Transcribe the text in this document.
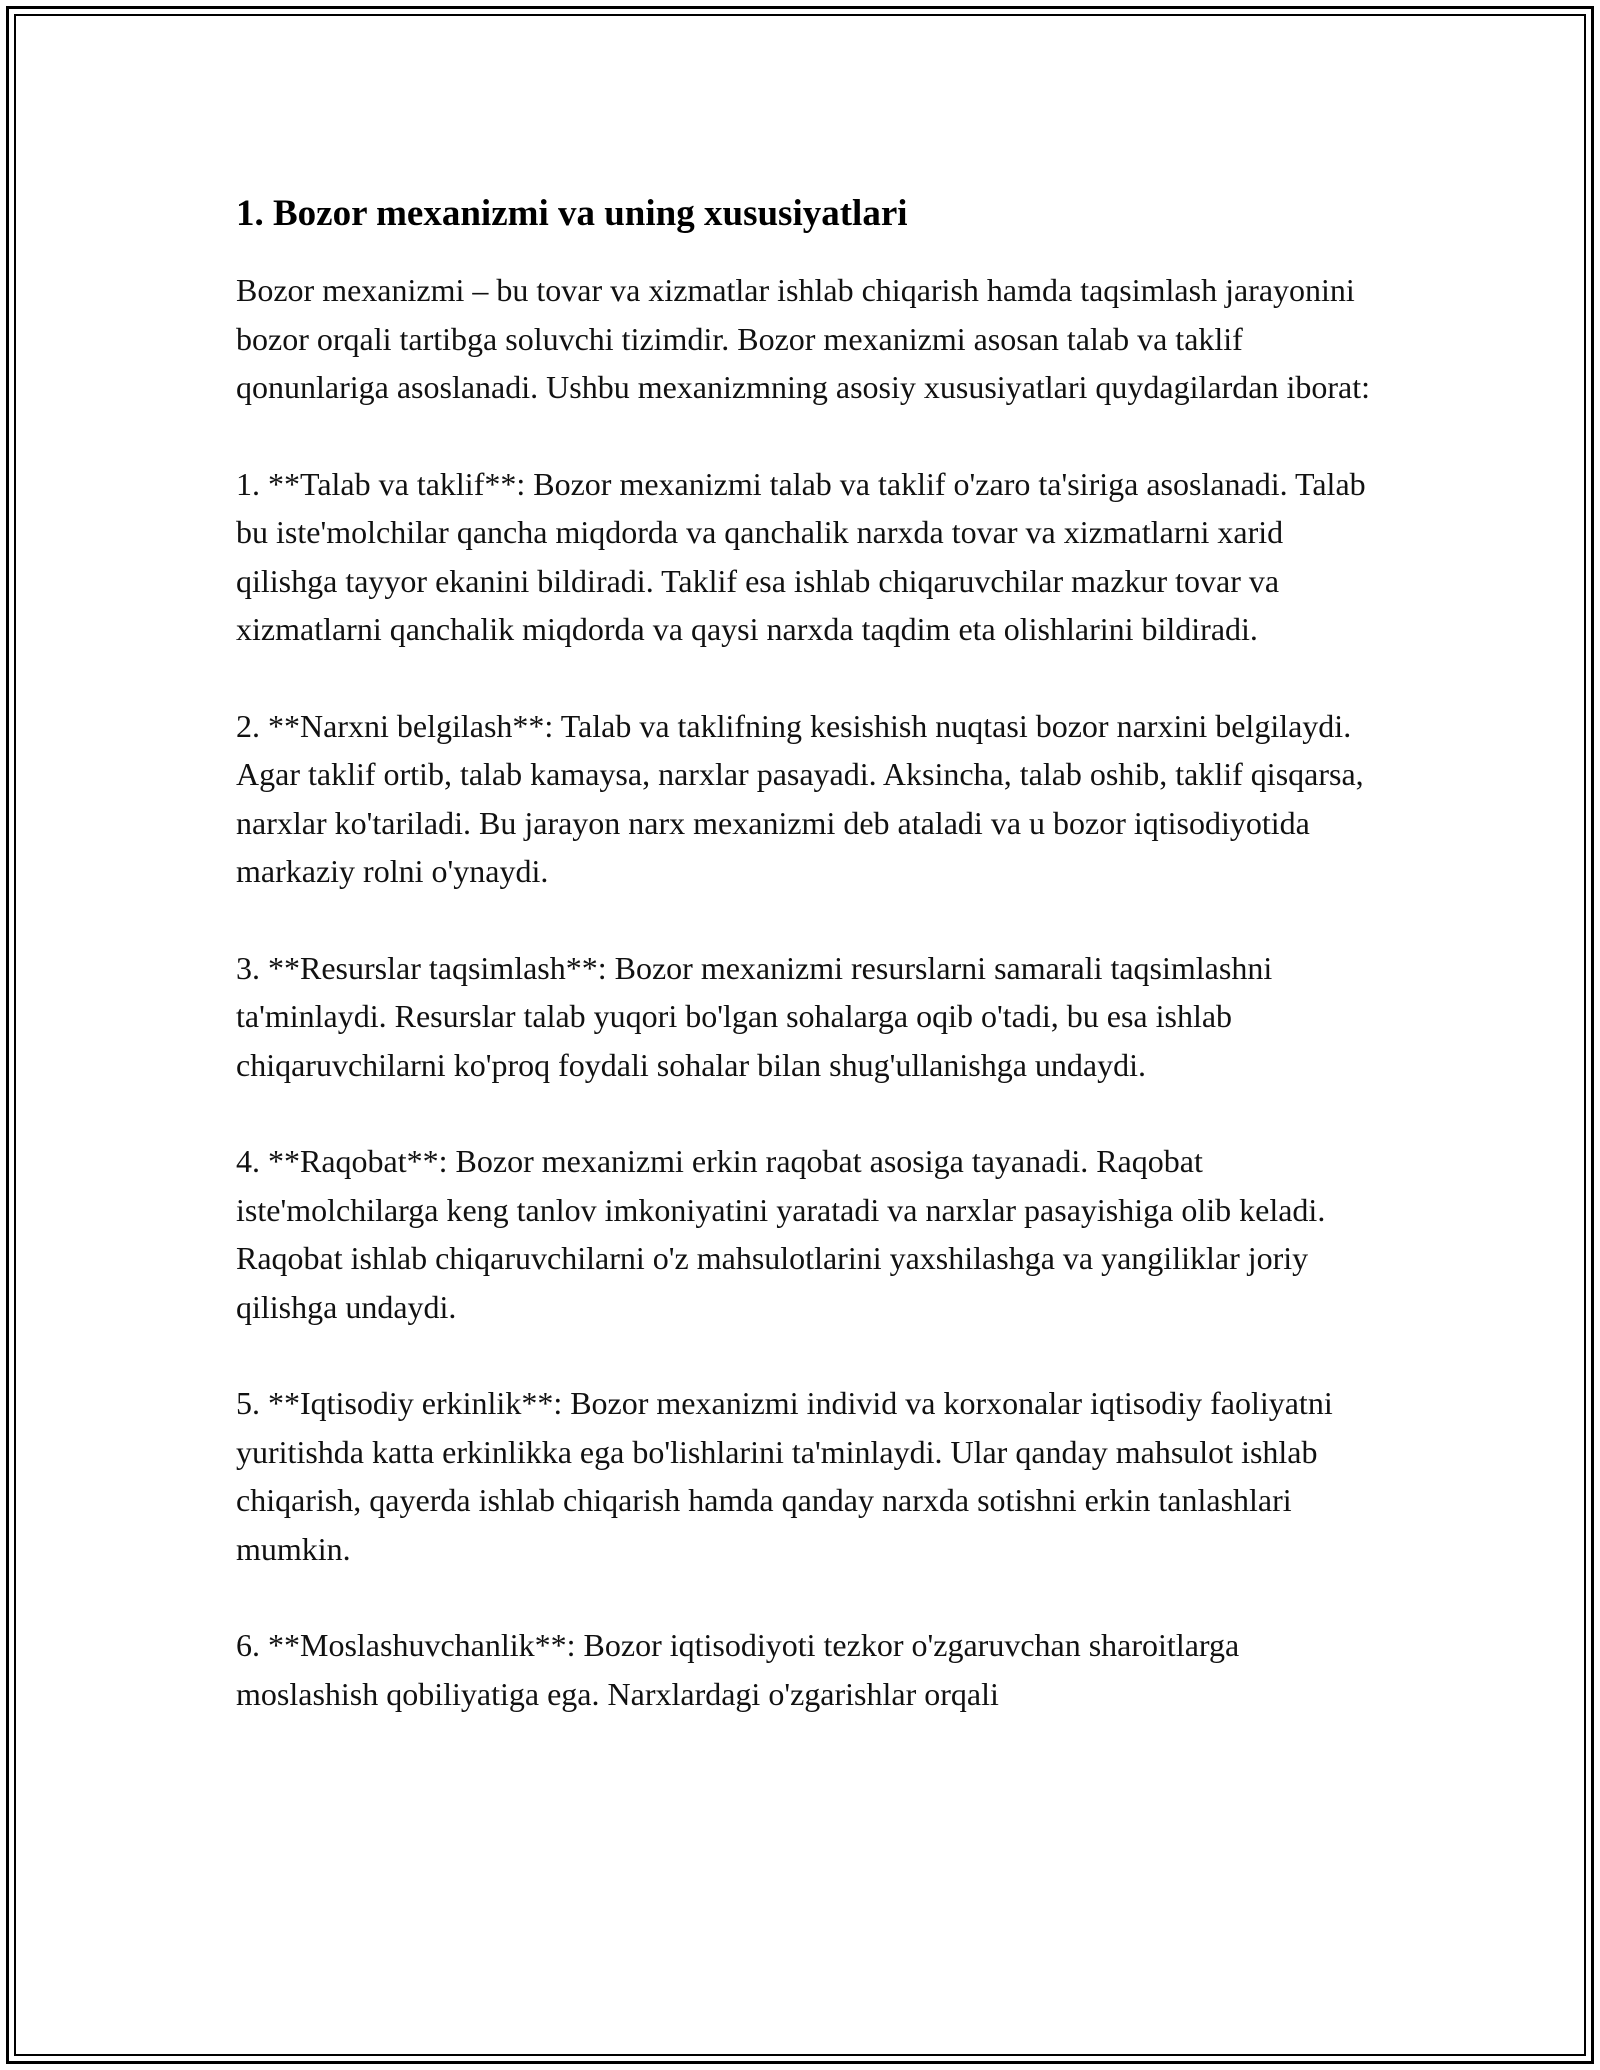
1. Bozor mexanizmi va uning xususiyatlari

Bozor mexanizmi – bu tovar va xizmatlar ishlab chiqarish hamda taqsimlash jarayonini bozor orqali tartibga soluvchi tizimdir. Bozor mexanizmi asosan talab va taklif qonunlariga asoslanadi. Ushbu mexanizmning asosiy xususiyatlari quydagilardan iborat:

1. **Talab va taklif**: Bozor mexanizmi talab va taklif o'zaro ta'siriga asoslanadi. Talab bu iste'molchilar qancha miqdorda va qanchalik narxda tovar va xizmatlarni xarid qilishga tayyor ekanini bildiradi. Taklif esa ishlab chiqaruvchilar mazkur tovar va xizmatlarni qanchalik miqdorda va qaysi narxda taqdim eta olishlarini bildiradi.

2. **Narxni belgilash**: Talab va taklifning kesishish nuqtasi bozor narxini belgilaydi. Agar taklif ortib, talab kamaysa, narxlar pasayadi. Aksincha, talab oshib, taklif qisqarsa, narxlar ko'tariladi. Bu jarayon narx mexanizmi deb ataladi va u bozor iqtisodiyotida markaziy rolni o'ynaydi.

3. **Resurslar taqsimlash**: Bozor mexanizmi resurslarni samarali taqsimlashni ta'minlaydi. Resurslar talab yuqori bo'lgan sohalarga oqib o'tadi, bu esa ishlab chiqaruvchilarni ko'proq foydali sohalar bilan shug'ullanishga undaydi.

4. **Raqobat**: Bozor mexanizmi erkin raqobat asosiga tayanadi. Raqobat iste'molchilarga keng tanlov imkoniyatini yaratadi va narxlar pasayishiga olib keladi. Raqobat ishlab chiqaruvchilarni o'z mahsulotlarini yaxshilashga va yangiliklar joriy qilishga undaydi.

5. **Iqtisodiy erkinlik**: Bozor mexanizmi individ va korxonalar iqtisodiy faoliyatni yuritishda katta erkinlikka ega bo'lishlarini ta'minlaydi. Ular qanday mahsulot ishlab chiqarish, qayerda ishlab chiqarish hamda qanday narxda sotishni erkin tanlashlari mumkin.

6. **Moslashuvchanlik**: Bozor iqtisodiyoti tezkor o'zgaruvchan sharoitlarga moslashish qobiliyatiga ega. Narxlardagi o'zgarishlar orqali
